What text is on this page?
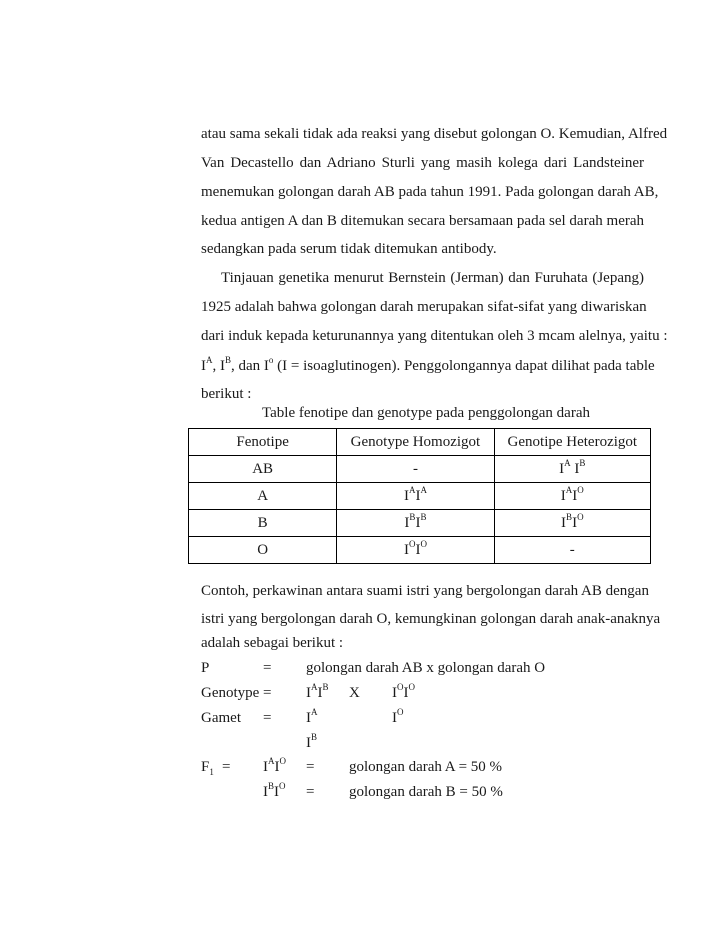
atau sama sekali tidak ada reaksi yang disebut golongan O. Kemudian, Alfred
Van Decastello dan Adriano Sturli yang masih kolega dari Landsteiner
menemukan golongan darah AB pada tahun 1991. Pada golongan darah AB,
kedua antigen A dan B ditemukan secara bersamaan pada sel darah merah
sedangkan pada serum tidak ditemukan antibody.
Tinjauan genetika menurut Bernstein (Jerman) dan Furuhata (Jepang)
1925 adalah bahwa golongan darah merupakan sifat-sifat yang diwariskan
dari induk kepada keturunannya yang ditentukan oleh 3 mcam alelnya, yaitu :
$I^A$, $I^B$, dan $I^o$ (I = isoaglutinogen). Penggolongannya dapat dilihat pada table
berikut :
Table fenotipe dan genotype pada penggolongan darah
Fenotipe	Genotype Homozigot	Genotipe Heterozigot
AB	-	$I^A$ $I^B$
A	$I^AI^A$	$I^AI^O$
B	$I^BI^B$	$I^BI^O$
O	$I^OI^O$	-
Contoh, perkawinan antara suami istri yang bergolongan darah AB dengan
istri yang bergolongan darah O, kemungkinan golongan darah anak-anaknya
adalah sebagai berikut :
P	= golongan darah AB x golongan darah O
Genotype = $I^AI^B$ X $I^OI^O$
Gamet = $I^A$	$I^O$
$I^B$
$F_1 = I^AI^O$ = golongan darah A = 50 %
$I^BI^O$ = golongan darah B = 50 %
